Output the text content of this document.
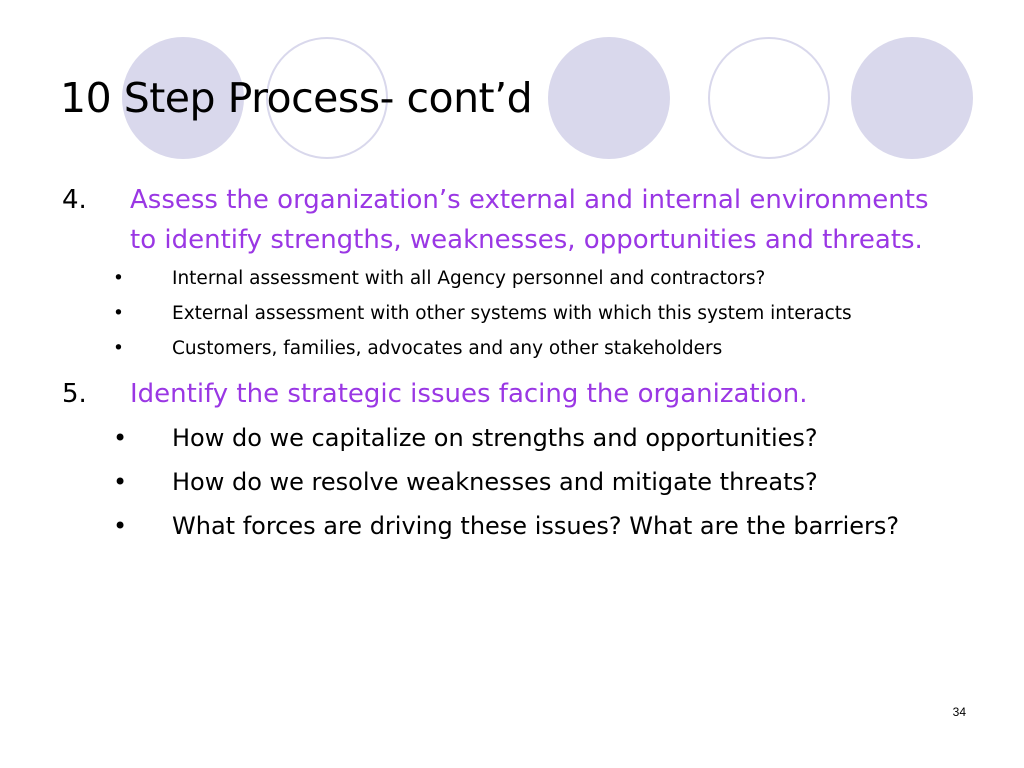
10 Step Process- cont’d
4. Assess the organization’s external and internal environments to identify strengths, weaknesses, opportunities and threats.
•	Internal assessment with all Agency personnel and contractors?
•	External assessment with other systems with which this system interacts
•	Customers, families, advocates and any other stakeholders
5. Identify the strategic issues facing the organization.
• How do we capitalize on strengths and opportunities?
• How do we resolve weaknesses and mitigate threats?
• What forces are driving these issues? What are the barriers?
34
